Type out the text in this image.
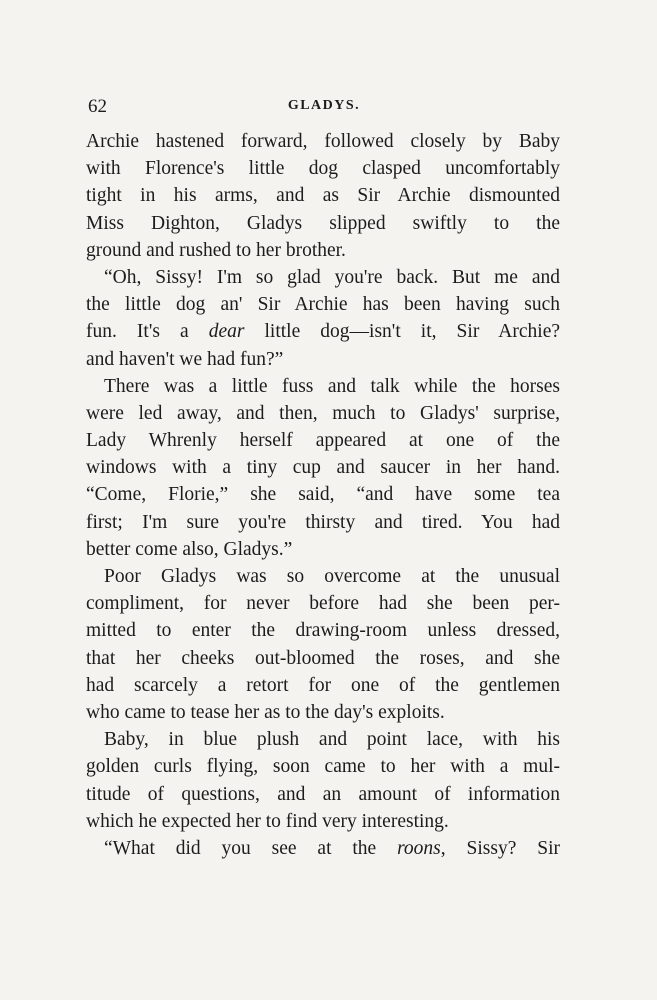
62	GLADYS.
Archie hastened forward, followed closely by Baby
with Florence's little dog clasped uncomfortably
tight in his arms, and as Sir Archie dismounted
Miss Dighton, Gladys slipped swiftly to the
ground and rushed to her brother.
“Oh, Sissy! I'm so glad you're back. But me and
the little dog an' Sir Archie has been having such
fun. It's a dear little dog—isn't it, Sir Archie?
and haven't we had fun?”
There was a little fuss and talk while the horses
were led away, and then, much to Gladys' surprise,
Lady Whrenly herself appeared at one of the
windows with a tiny cup and saucer in her hand.
“Come, Florie,” she said, “and have some tea
first; I'm sure you're thirsty and tired. You had
better come also, Gladys.”
Poor Gladys was so overcome at the unusual
compliment, for never before had she been per-
mitted to enter the drawing-room unless dressed,
that her cheeks out-bloomed the roses, and she
had scarcely a retort for one of the gentlemen
who came to tease her as to the day's exploits.
Baby, in blue plush and point lace, with his
golden curls flying, soon came to her with a mul-
titude of questions, and an amount of information
which he expected her to find very interesting.
“What did you see at the roons, Sissy? Sir
